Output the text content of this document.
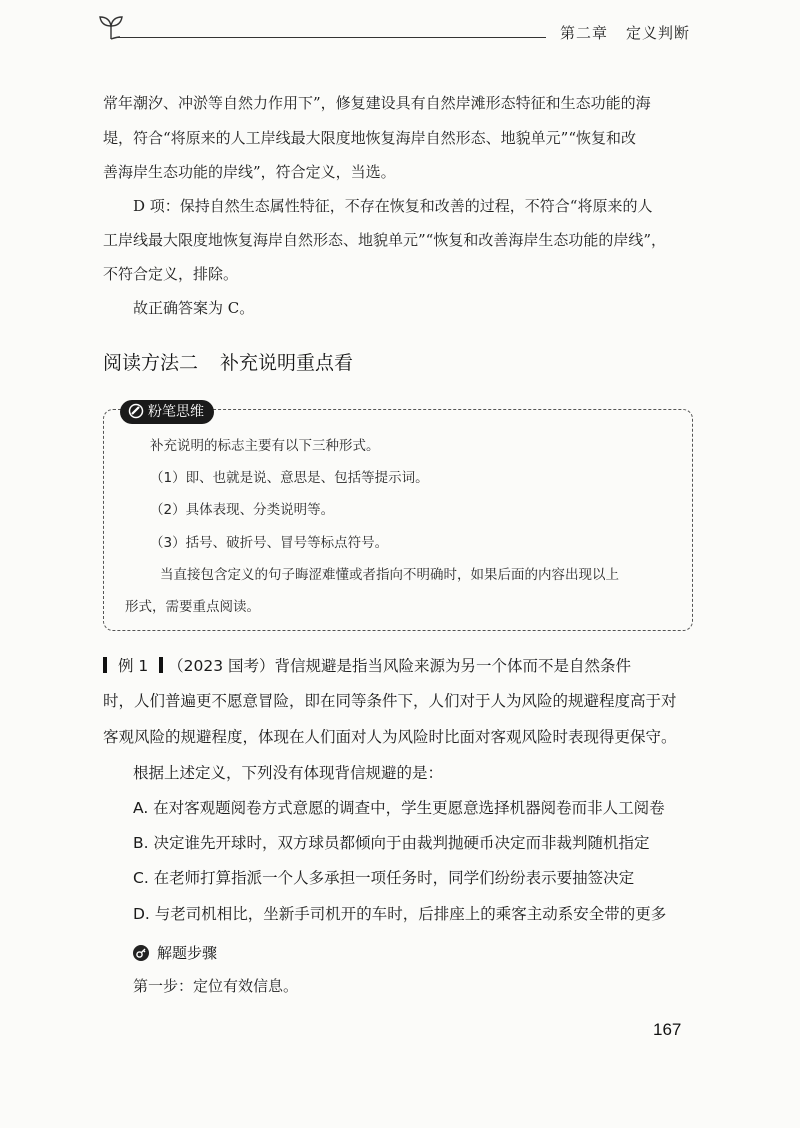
第二章 定义判断
常年潮汐、冲淤等自然力作用下”，修复建设具有自然岸滩形态特征和生态功能的海
堤，符合“将原来的人工岸线最大限度地恢复海岸自然形态、地貌单元”“恢复和改
善海岸生态功能的岸线”，符合定义，当选。
D 项：保持自然生态属性特征，不存在恢复和改善的过程，不符合“将原来的人
工岸线最大限度地恢复海岸自然形态、地貌单元”“恢复和改善海岸生态功能的岸线”，
不符合定义，排除。
故正确答案为 C。
阅读方法二 补充说明重点看
粉笔思维
补充说明的标志主要有以下三种形式。
（1）即、也就是说、意思是、包括等提示词。
（2）具体表现、分类说明等。
（3）括号、破折号、冒号等标点符号。
当直接包含定义的句子晦涩难懂或者指向不明确时，如果后面的内容出现以上
形式，需要重点阅读。
例 1 （2023 国考）背信规避是指当风险来源为另一个体而不是自然条件
时，人们普遍更不愿意冒险，即在同等条件下，人们对于人为风险的规避程度高于对
客观风险的规避程度，体现在人们面对人为风险时比面对客观风险时表现得更保守。
根据上述定义，下列没有体现背信规避的是：
A. 在对客观题阅卷方式意愿的调查中，学生更愿意选择机器阅卷而非人工阅卷
B. 决定谁先开球时，双方球员都倾向于由裁判抛硬币决定而非裁判随机指定
C. 在老师打算指派一个人多承担一项任务时，同学们纷纷表示要抽签决定
D. 与老司机相比，坐新手司机开的车时，后排座上的乘客主动系安全带的更多
解题步骤
第一步：定位有效信息。
167
